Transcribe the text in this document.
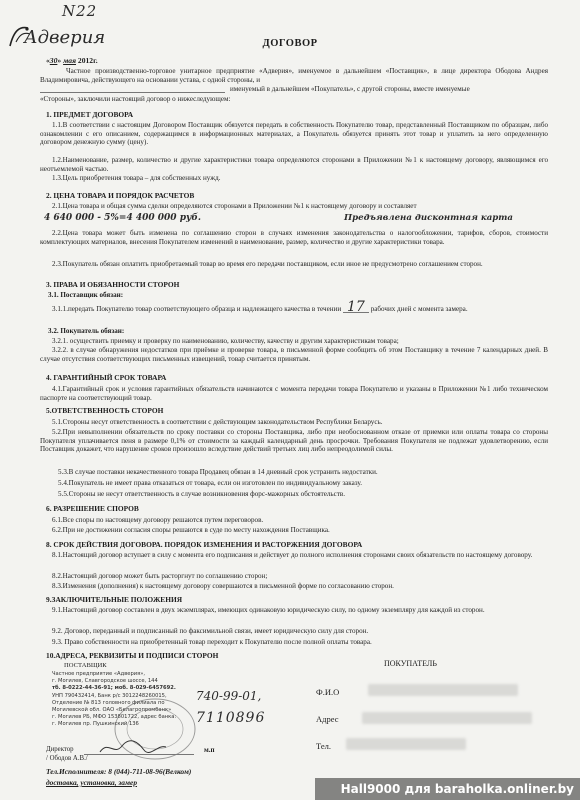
N22
Адверия	ДОГОВОР
«30» мая 2012г.
Частное производственно-торговое унитарное предприятие «Адверия», именуемое в дальнейшем «Поставщик», в лице директора Ободова Андрея Владимировича, действующего на основании устава, с одной стороны, и
именуемый в дальнейшем «Покупатель», с другой стороны, вместе именуемые
«Стороны», заключили настоящий договор о нижеследующем:
1. ПРЕДМЕТ ДОГОВОРА
1.1.В соответствии с настоящим Договором Поставщик обязуется передать в собственность Покупателю товар, представленный Поставщиком по образцам, либо ознакомлении с его описанием, содержащимся в информационных материалах, а Покупатель обязуется принять этот товар и уплатить за него определенную договором денежную сумму (цену).
1.2.Наименование, размер, количество и другие характеристики товара определяются сторонами в Приложении №1 к настоящему договору, являющимся его неотъемлемой частью.
1.3.Цель приобретения товара – для собственных нужд.
2. ЦЕНА ТОВАРА И ПОРЯДОК РАСЧЕТОВ
2.1.Цена товара и общая сумма сделки определяются сторонами в Приложении №1 к настоящему договору и составляет
4 640 000 - 5%=4 400 000 руб.	Предъявлена дисконтная карта
2.2.Цена товара может быть изменена по соглашению сторон в случаях изменения законодательства о налогообложении, тарифов, сборов, стоимости комплектующих материалов, внесения Покупателем изменений в наименование, размер, количество и другие характеристики товара.
2.3.Покупатель обязан оплатить приобретаемый товар во время его передачи поставщиком, если иное не предусмотрено соглашением сторон.
3. ПРАВА И ОБЯЗАННОСТИ СТОРОН
3.1. Поставщик обязан:
3.1.1.передать Покупателю товар соответствующего образца и надлежащего качества в течении 17 рабочих дней с момента замера.
3.2. Покупатель обязан:
3.2.1. осуществить приемку и проверку по наименованию, количеству, качеству и другим характеристикам товара;
3.2.2. в случае обнаружения недостатков при приёмке и проверке товара, в письменной форме сообщить об этом Поставщику в течение 7 календарных дней. В случае отсутствия соответствующих письменных извещений, товар считается принятым.
4. ГАРАНТИЙНЫЙ СРОК ТОВАРА
4.1.Гарантийный срок и условия гарантийных обязательств начинаются с момента передачи товара Покупателю и указаны в Приложении №1 либо техническом паспорте на соответствующий товар.
5.ОТВЕТСТВЕННОСТЬ СТОРОН
5.1.Стороны несут ответственность в соответствии с действующим законодательством Республики Беларусь.
5.2.При невыполнении обязательств по сроку поставки со стороны Поставщика, либо при необоснованном отказе от приемки или оплаты товара со стороны Покупателя уплачивается пеня в размере 0,1% от стоимости за каждый календарный день просрочки. Требования Покупателя не подлежат удовлетворению, если Поставщик докажет, что нарушение сроков произошло вследствие действий третьих лиц либо непреодолимой силы.
5.3.В случае поставки некачественного товара Продавец обязан в 14 дневный срок устранить недостатки.
5.4.Покупатель не имеет права отказаться от товара, если он изготовлен по индивидуальному заказу.
5.5.Стороны не несут ответственность в случае возникновения форс-мажорных обстоятельств.
6. РАЗРЕШЕНИЕ СПОРОВ
6.1.Все споры по настоящему договору решаются путем переговоров.
6.2.При не достижении согласия споры решаются в суде по месту нахождения Поставщика.
8. СРОК ДЕЙСТВИЯ ДОГОВОРА. ПОРЯДОК ИЗМЕНЕНИЯ И РАСТОРЖЕНИЯ ДОГОВОРА
8.1.Настоящий договор вступает в силу с момента его подписания и действует до полного исполнения сторонами своих обязательств по настоящему договору.
8.2.Настоящий договор может быть расторгнут по соглашению сторон;
8.3.Изменения (дополнения) к настоящему договору совершаются в письменной форме по согласованию сторон.
9.ЗАКЛЮЧИТЕЛЬНЫЕ ПОЛОЖЕНИЯ
9.1.Настоящий договор составлен в двух экземплярах, имеющих одинаковую юридическую силу, по одному экземпляру для каждой из сторон.
9.2. Договор, переданный и подписанный по факсимильной связи, имеет юридическую силу для сторон.
9.3. Право собственности на приобретенный товар переходит к Покупателю после полной оплаты товара.
10.АДРЕСА, РЕКВИЗИТЫ И ПОДПИСИ СТОРОН
ПОСТАВЩИК	ПОКУПАТЕЛЬ
Частное предприятие «Адверия»,
г. Могилев, Славгородское шоссе, 144
тб. 8-0222-44-36-91; моб. 8-029-6457692.
УНП 790432414, Банк р/с 3012248260015,
Отделение № 813 головного филиала по
Могилевской обл. ОАО «Белагропромбанк»
г. Могилев РБ, МФО 153801722, адрес банка:
г. Могилев пр. Пушкинский 136
740-99-01,
7110896
Ф.И.О
Адрес
Тел.
Директор
/ Ободов А.В./
м.п
Тел.Исполнителя: 8 (044)-711-08-96(Велком)
доставка, установка, замер	Hall9000 для baraholka.onliner.by
